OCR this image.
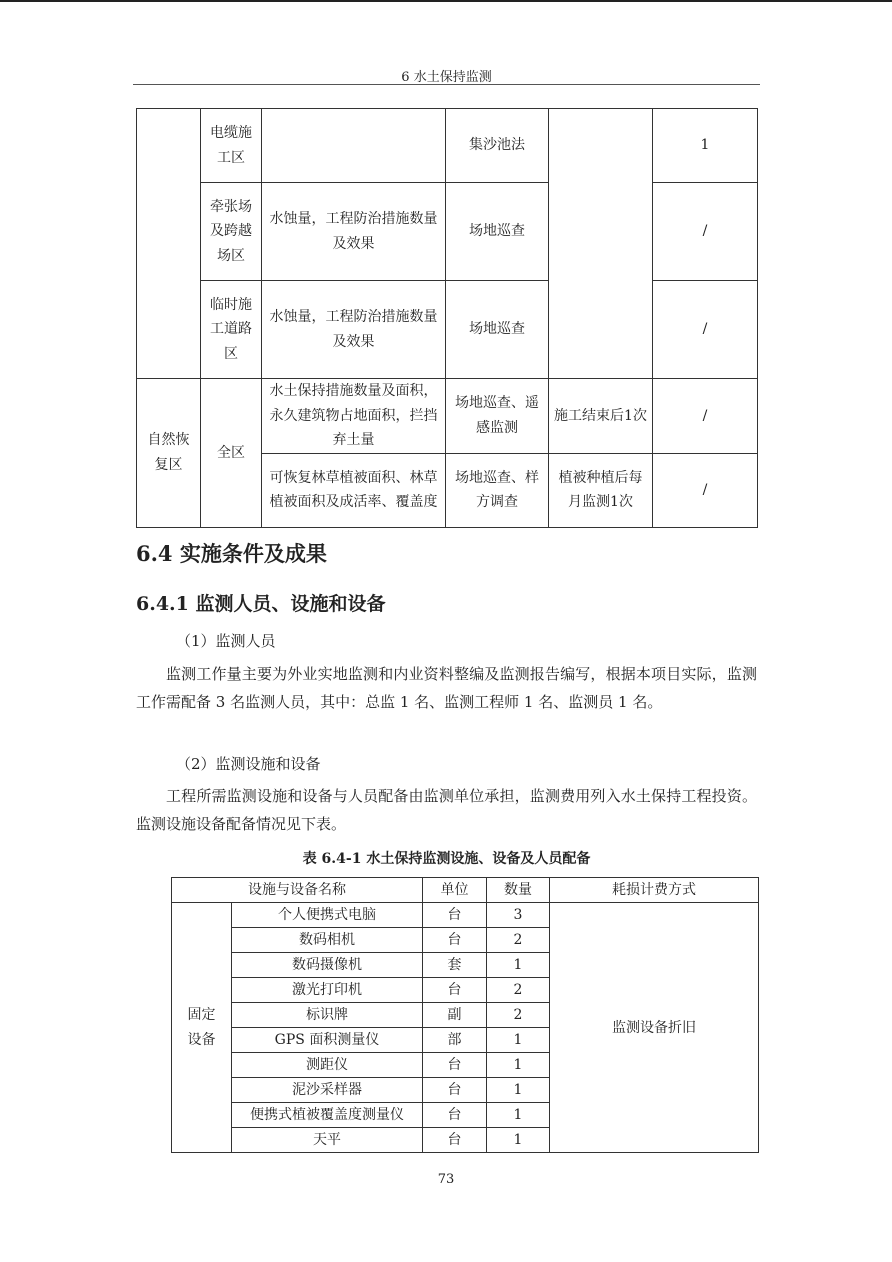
6 水土保持监测
	电缆施工区		集沙池法		1
	牵张场及跨越场区	水蚀量，工程防治措施数量及效果	场地巡查		/
	临时施工道路区	水蚀量，工程防治措施数量及效果	场地巡查		/
自然恢复区	全区	水土保持措施数量及面积，永久建筑物占地面积，拦挡弃土量	场地巡查、遥感监测	施工结束后1次	/
		可恢复林草植被面积、林草植被面积及成活率、覆盖度	场地巡查、样方调查	植被种植后每月监测1次	/
6.4 实施条件及成果
6.4.1 监测人员、设施和设备
（1）监测人员
监测工作量主要为外业实地监测和内业资料整编及监测报告编写，根据本项目实际，监测工作需配备 3 名监测人员，其中：总监 1 名、监测工程师 1 名、监测员 1 名。
（2）监测设施和设备
工程所需监测设施和设备与人员配备由监测单位承担，监测费用列入水土保持工程投资。监测设施设备配备情况见下表。
表 6.4-1 水土保持监测设施、设备及人员配备
设施与设备名称		单位	数量	耗损计费方式

固定设备	个人便携式电脑	台	3	监测设备折旧
	数码相机	台	2	
	数码摄像机	套	1	
	激光打印机	台	2	
	标识牌	副	2	
	GPS 面积测量仪	部	1	
	测距仪	台	1	
	泥沙采样器	台	1	
	便携式植被覆盖度测量仪	台	1	
	天平	台	1	
73
